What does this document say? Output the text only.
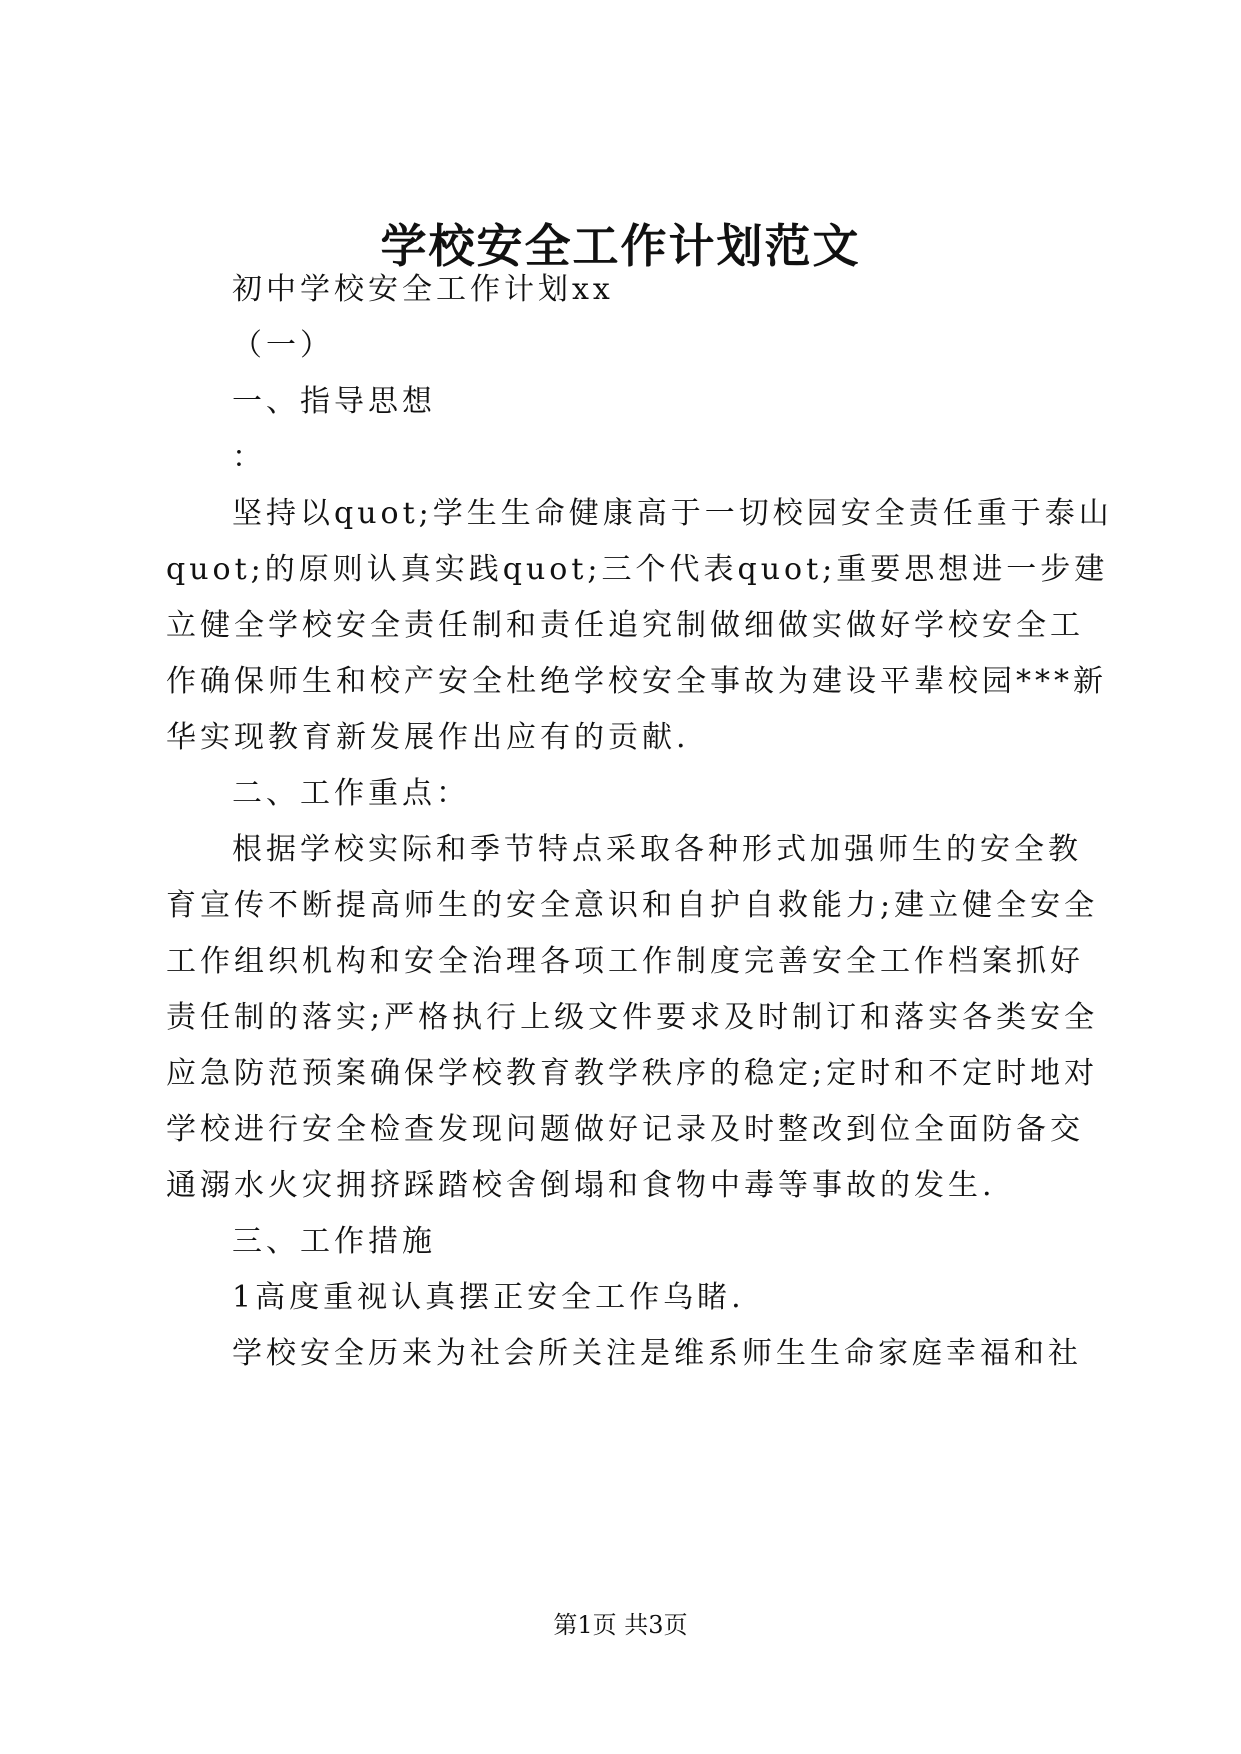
学校安全工作计划范文
初中学校安全工作计划xx
（一）
一、指导思想
：
坚持以quot;学生生命健康高于一切校园安全责任重于泰山
quot;的原则认真实践quot;三个代表quot;重要思想进一步建
立健全学校安全责任制和责任追究制做细做实做好学校安全工
作确保师生和校产安全杜绝学校安全事故为建设平辈校园***新
华实现教育新发展作出应有的贡献.
二、工作重点：
根据学校实际和季节特点采取各种形式加强师生的安全教
育宣传不断提高师生的安全意识和自护自救能力;建立健全安全
工作组织机构和安全治理各项工作制度完善安全工作档案抓好
责任制的落实;严格执行上级文件要求及时制订和落实各类安全
应急防范预案确保学校教育教学秩序的稳定;定时和不定时地对
学校进行安全检查发现问题做好记录及时整改到位全面防备交
通溺水火灾拥挤踩踏校舍倒塌和食物中毒等事故的发生.
三、工作措施
1高度重视认真摆正安全工作乌睹.
学校安全历来为社会所关注是维系师生生命家庭幸福和社
第1页 共3页
